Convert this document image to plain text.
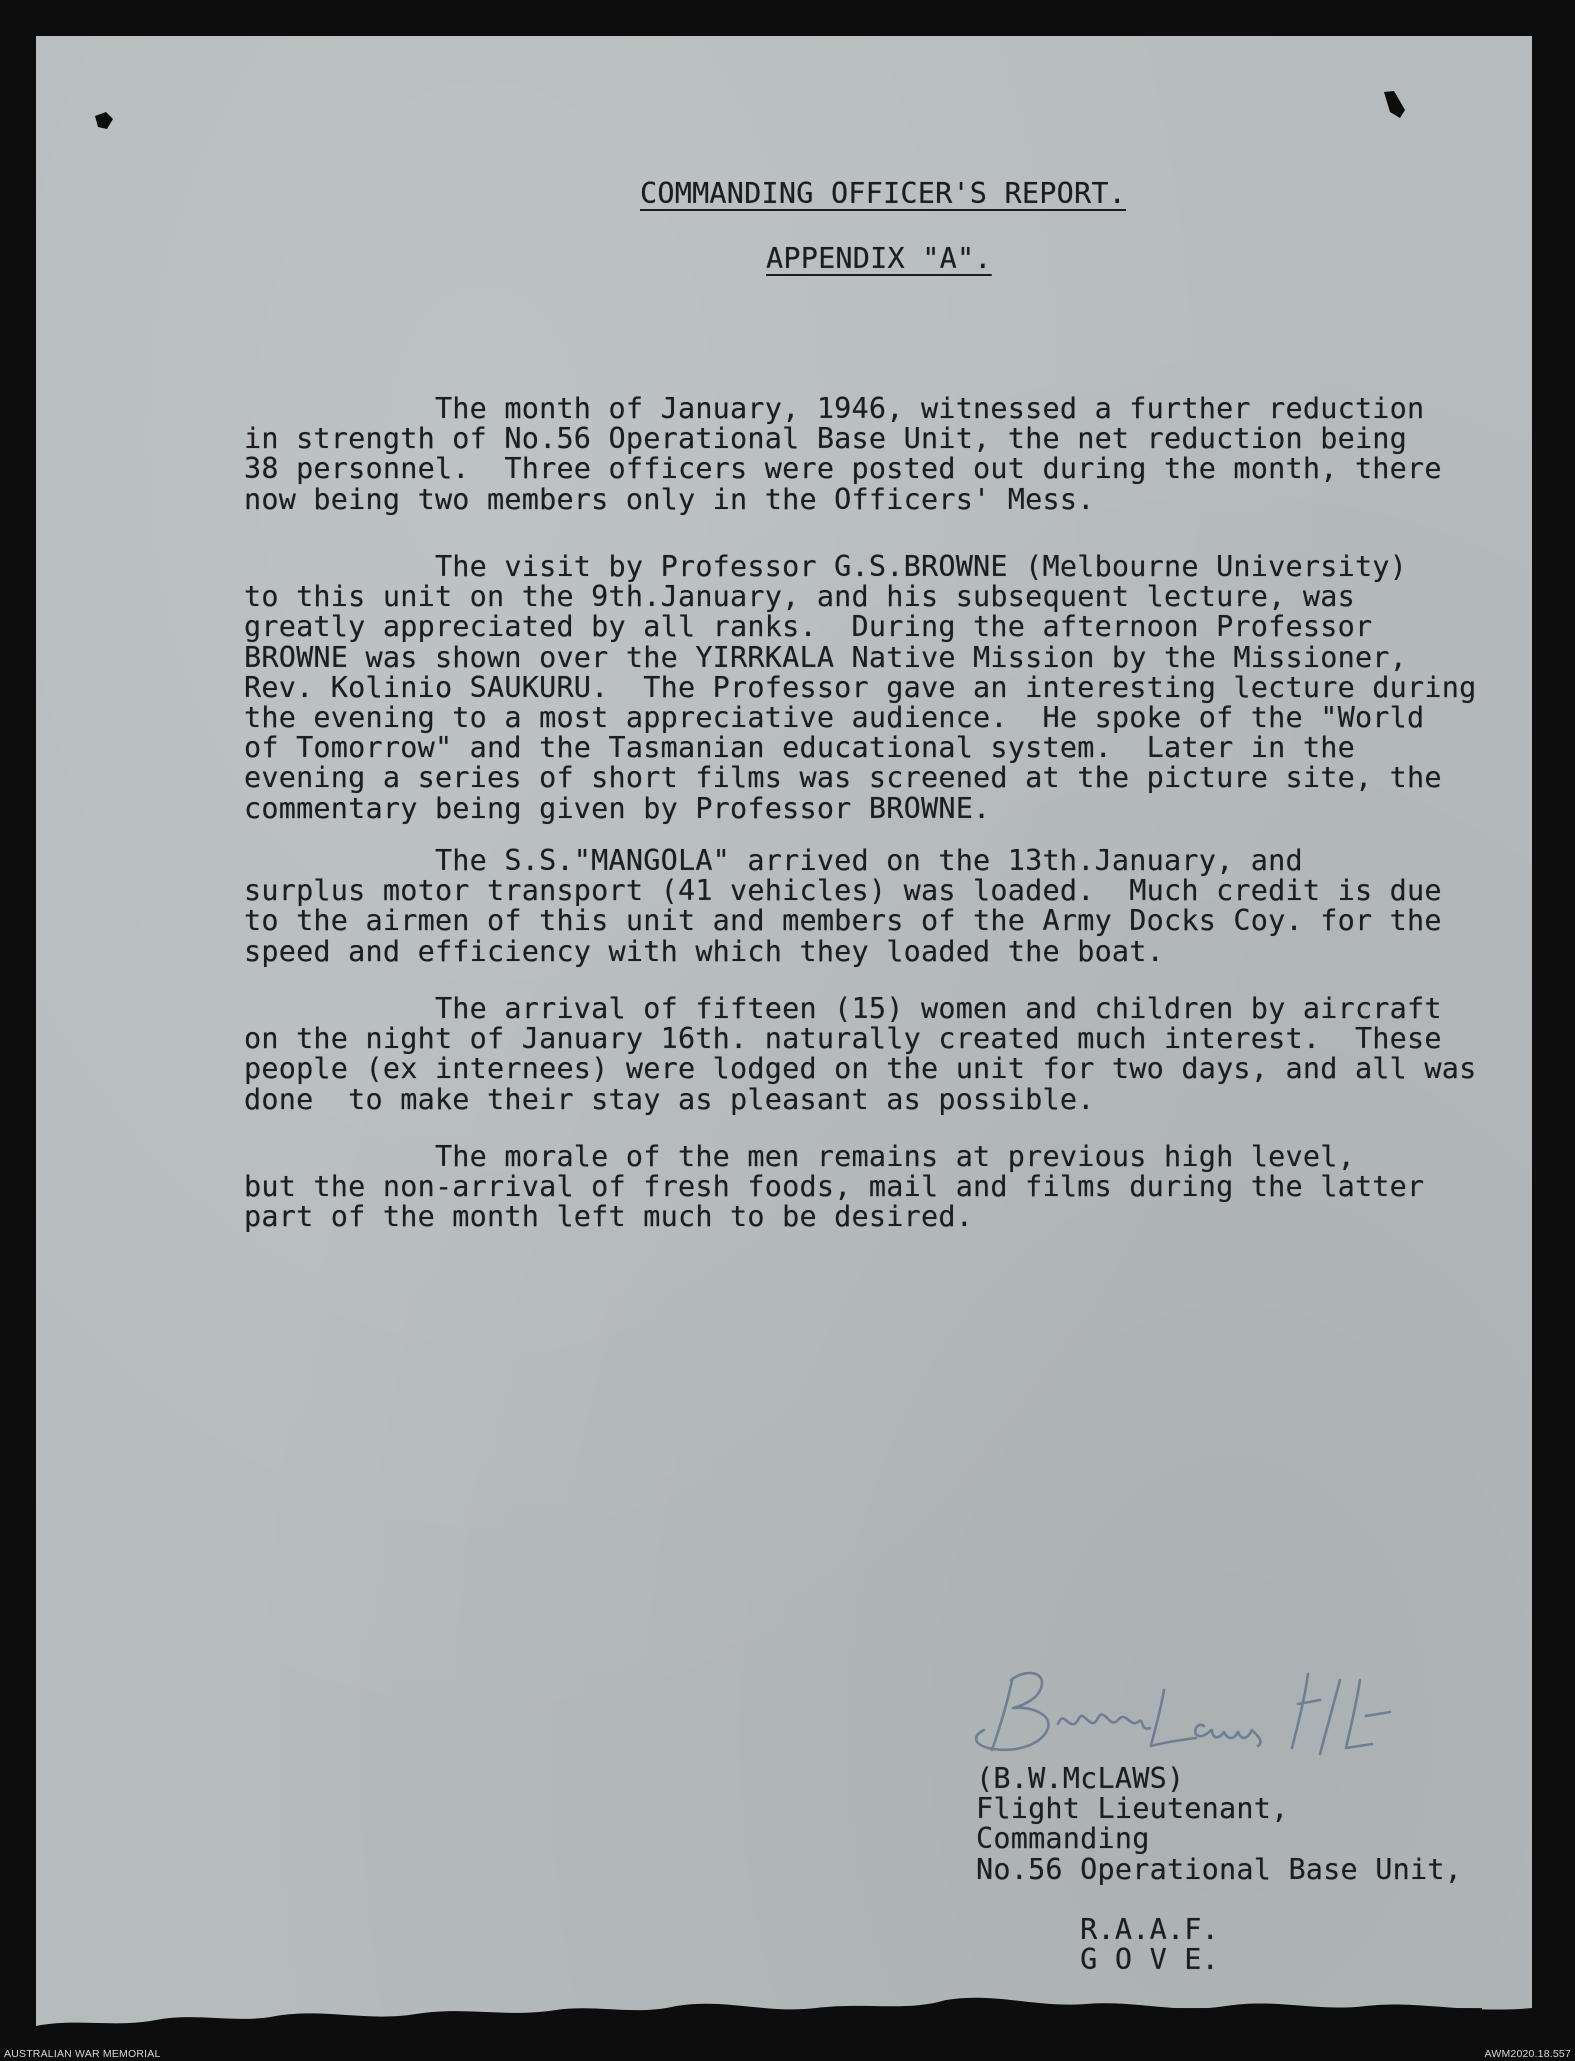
COMMANDING OFFICER'S REPORT.

APPENDIX "A".

The month of January, 1946, witnessed a further reduction
in strength of No.56 Operational Base Unit, the net reduction being
38 personnel.  Three officers were posted out during the month, there
now being two members only in the Officers' Mess.

The visit by Professor G.S.BROWNE (Melbourne University)
to this unit on the 9th.January, and his subsequent lecture, was
greatly appreciated by all ranks.  During the afternoon Professor
BROWNE was shown over the YIRRKALA Native Mission by the Missioner,
Rev. Kolinio SAUKURU.  The Professor gave an interesting lecture during
the evening to a most appreciative audience.  He spoke of the "World
of Tomorrow" and the Tasmanian educational system.  Later in the
evening a series of short films was screened at the picture site, the
commentary being given by Professor BROWNE.

The S.S."MANGOLA" arrived on the 13th.January, and
surplus motor transport (41 vehicles) was loaded.  Much credit is due
to the airmen of this unit and members of the Army Docks Coy. for the
speed and efficiency with which they loaded the boat.

The arrival of fifteen (15) women and children by aircraft
on the night of January 16th. naturally created much interest.  These
people (ex internees) were lodged on the unit for two days, and all was
done  to make their stay as pleasant as possible.

The morale of the men remains at previous high level,
but the non-arrival of fresh foods, mail and films during the latter
part of the month left much to be desired.

(B.W.McLAWS)
Flight Lieutenant,
Commanding
No.56 Operational Base Unit,

R.A.A.F.
G O V E.

AUSTRALIAN WAR MEMORIAL	AWM2020.18.557
